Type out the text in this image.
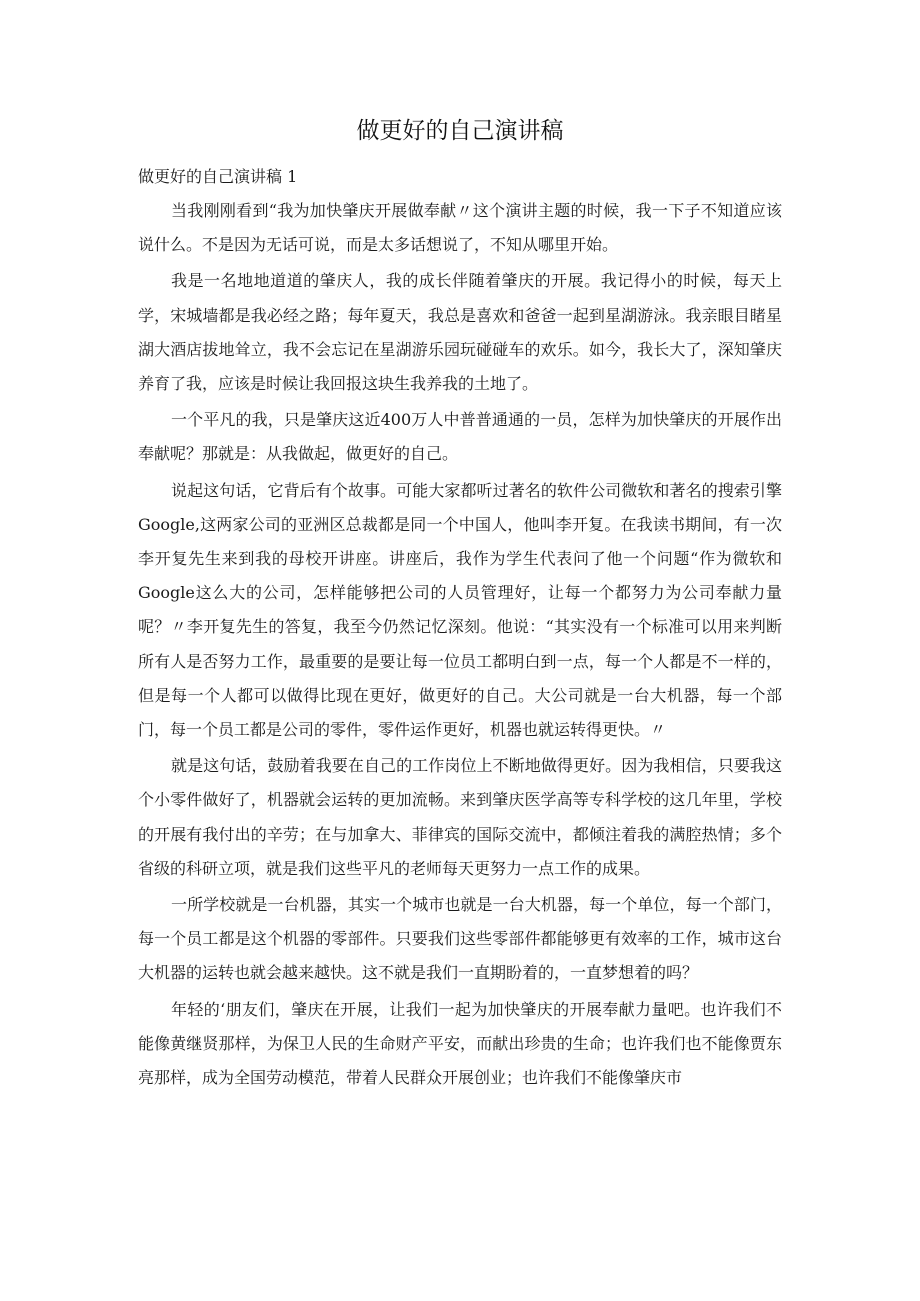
做更好的自己演讲稿

做更好的自己演讲稿 1

当我刚刚看到“我为加快肇庆开展做奉献〃这个演讲主题的时候，我一下子不知道应该说什么。不是因为无话可说，而是太多话想说了，不知从哪里开始。

我是一名地地道道的肇庆人，我的成长伴随着肇庆的开展。我记得小的时候，每天上学，宋城墙都是我必经之路；每年夏天，我总是喜欢和爸爸一起到星湖游泳。我亲眼目睹星湖大酒店拔地耸立，我不会忘记在星湖游乐园玩碰碰车的欢乐。如今，我长大了，深知肇庆养育了我，应该是时候让我回报这块生我养我的土地了。

一个平凡的我，只是肇庆这近400万人中普普通通的一员，怎样为加快肇庆的开展作出奉献呢？那就是：从我做起，做更好的自己。

说起这句话，它背后有个故事。可能大家都听过著名的软件公司微软和著名的搜索引擎Google,这两家公司的亚洲区总裁都是同一个中国人，他叫李开复。在我读书期间，有一次李开复先生来到我的母校开讲座。讲座后，我作为学生代表问了他一个问题“作为微软和Google这么大的公司，怎样能够把公司的人员管理好，让每一个都努力为公司奉献力量呢？〃李开复先生的答复，我至今仍然记忆深刻。他说：“其实没有一个标准可以用来判断所有人是否努力工作，最重要的是要让每一位员工都明白到一点，每一个人都是不一样的，但是每一个人都可以做得比现在更好，做更好的自己。大公司就是一台大机器，每一个部门，每一个员工都是公司的零件，零件运作更好，机器也就运转得更快。〃

就是这句话，鼓励着我要在自己的工作岗位上不断地做得更好。因为我相信，只要我这个小零件做好了，机器就会运转的更加流畅。来到肇庆医学高等专科学校的这几年里，学校的开展有我付出的辛劳；在与加拿大、菲律宾的国际交流中，都倾注着我的满腔热情；多个省级的科研立项，就是我们这些平凡的老师每天更努力一点工作的成果。

一所学校就是一台机器，其实一个城市也就是一台大机器，每一个单位，每一个部门，每一个员工都是这个机器的零部件。只要我们这些零部件都能够更有效率的工作，城市这台大机器的运转也就会越来越快。这不就是我们一直期盼着的，一直梦想着的吗？

年轻的‘朋友们，肇庆在开展，让我们一起为加快肇庆的开展奉献力量吧。也许我们不能像黄继贤那样，为保卫人民的生命财产平安，而献出珍贵的生命；也许我们也不能像贾东亮那样，成为全国劳动模范，带着人民群众开展创业；也许我们不能像肇庆市
